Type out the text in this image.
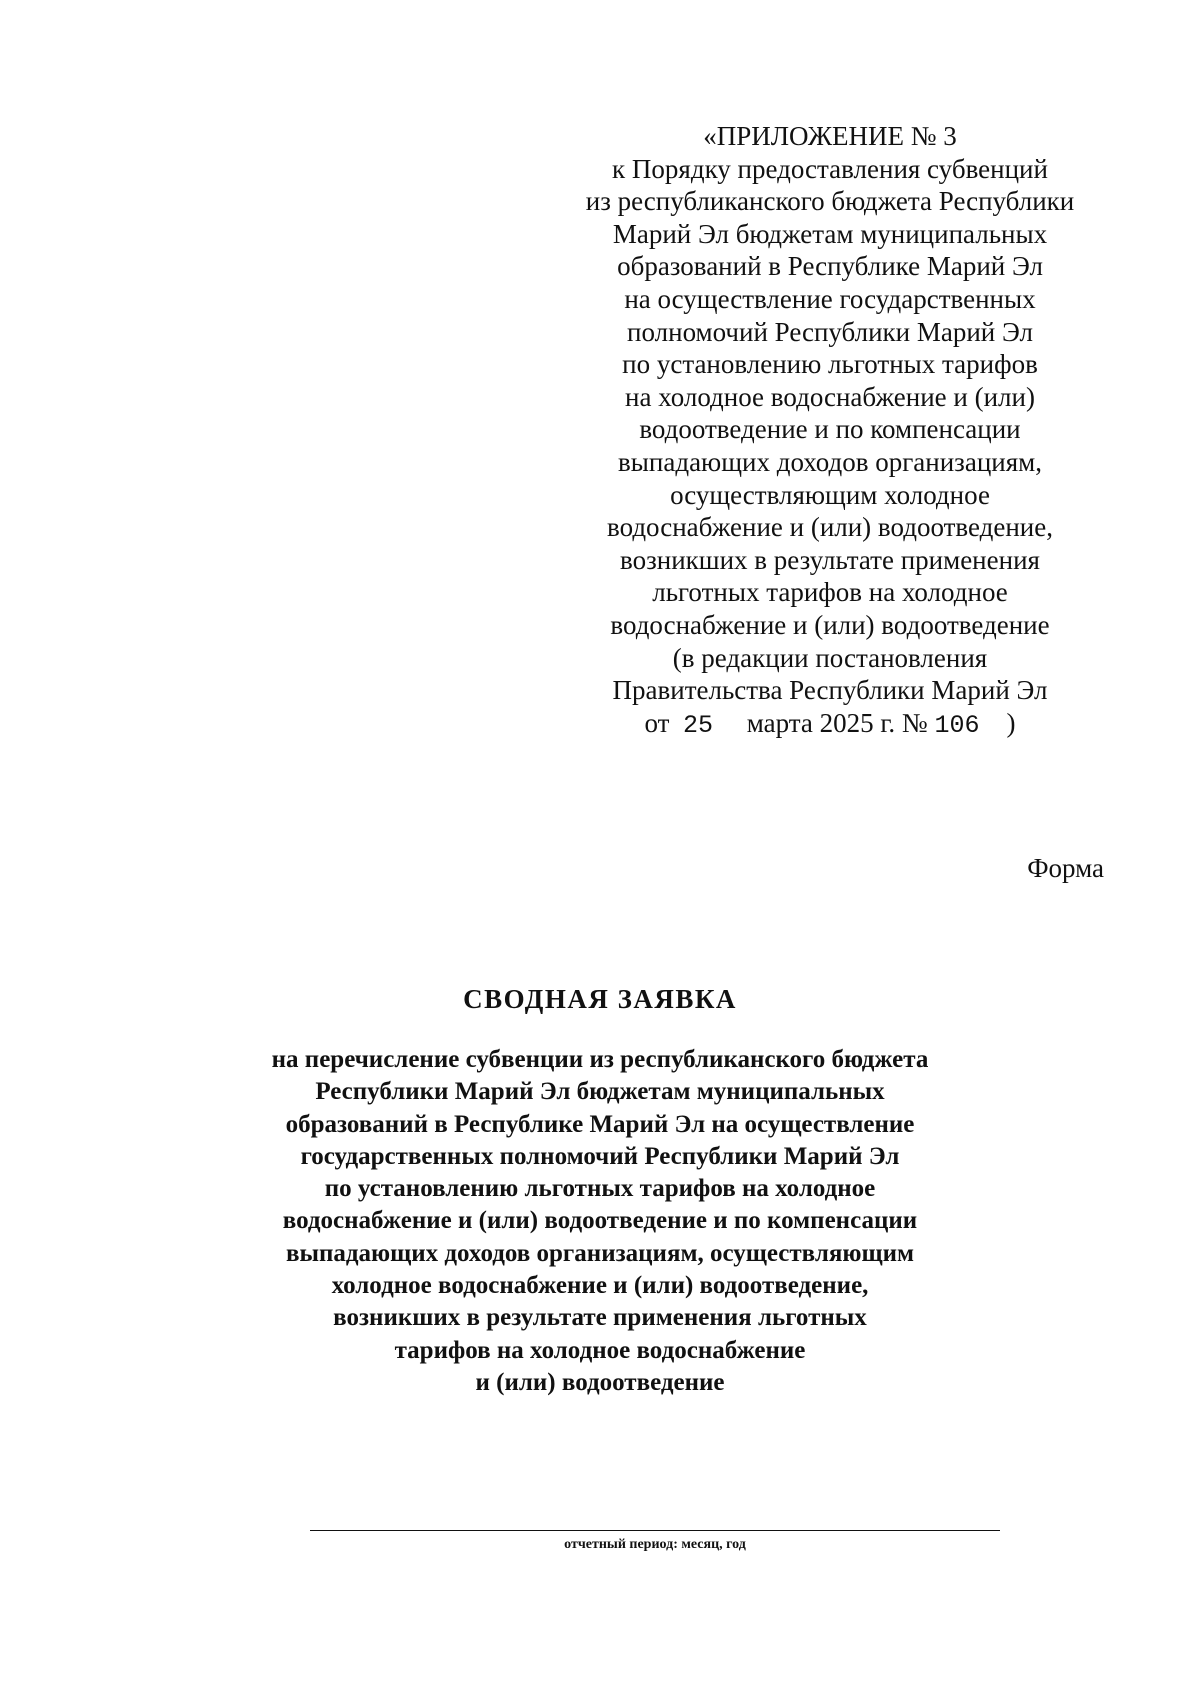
«ПРИЛОЖЕНИЕ № 3
к Порядку предоставления субвенций
из республиканского бюджета Республики
Марий Эл бюджетам муниципальных
образований в Республике Марий Эл
на осуществление государственных
полномочий Республики Марий Эл
по установлению льготных тарифов
на холодное водоснабжение и (или)
водоотведение и по компенсации
выпадающих доходов организациям,
осуществляющим холодное
водоснабжение и (или) водоотведение,
возникших в результате применения
льготных тарифов на холодное
водоснабжение и (или) водоотведение
(в редакции постановления
Правительства Республики Марий Эл
от 25 марта 2025 г. № 106 )
Форма
СВОДНАЯ ЗАЯВКА
на перечисление субвенции из республиканского бюджета
Республики Марий Эл бюджетам муниципальных
образований в Республике Марий Эл на осуществление
государственных полномочий Республики Марий Эл
по установлению льготных тарифов на холодное
водоснабжение и (или) водоотведение и по компенсации
выпадающих доходов организациям, осуществляющим
холодное водоснабжение и (или) водоотведение,
возникших в результате применения льготных
тарифов на холодное водоснабжение
и (или) водоотведение
отчетный период: месяц, год
